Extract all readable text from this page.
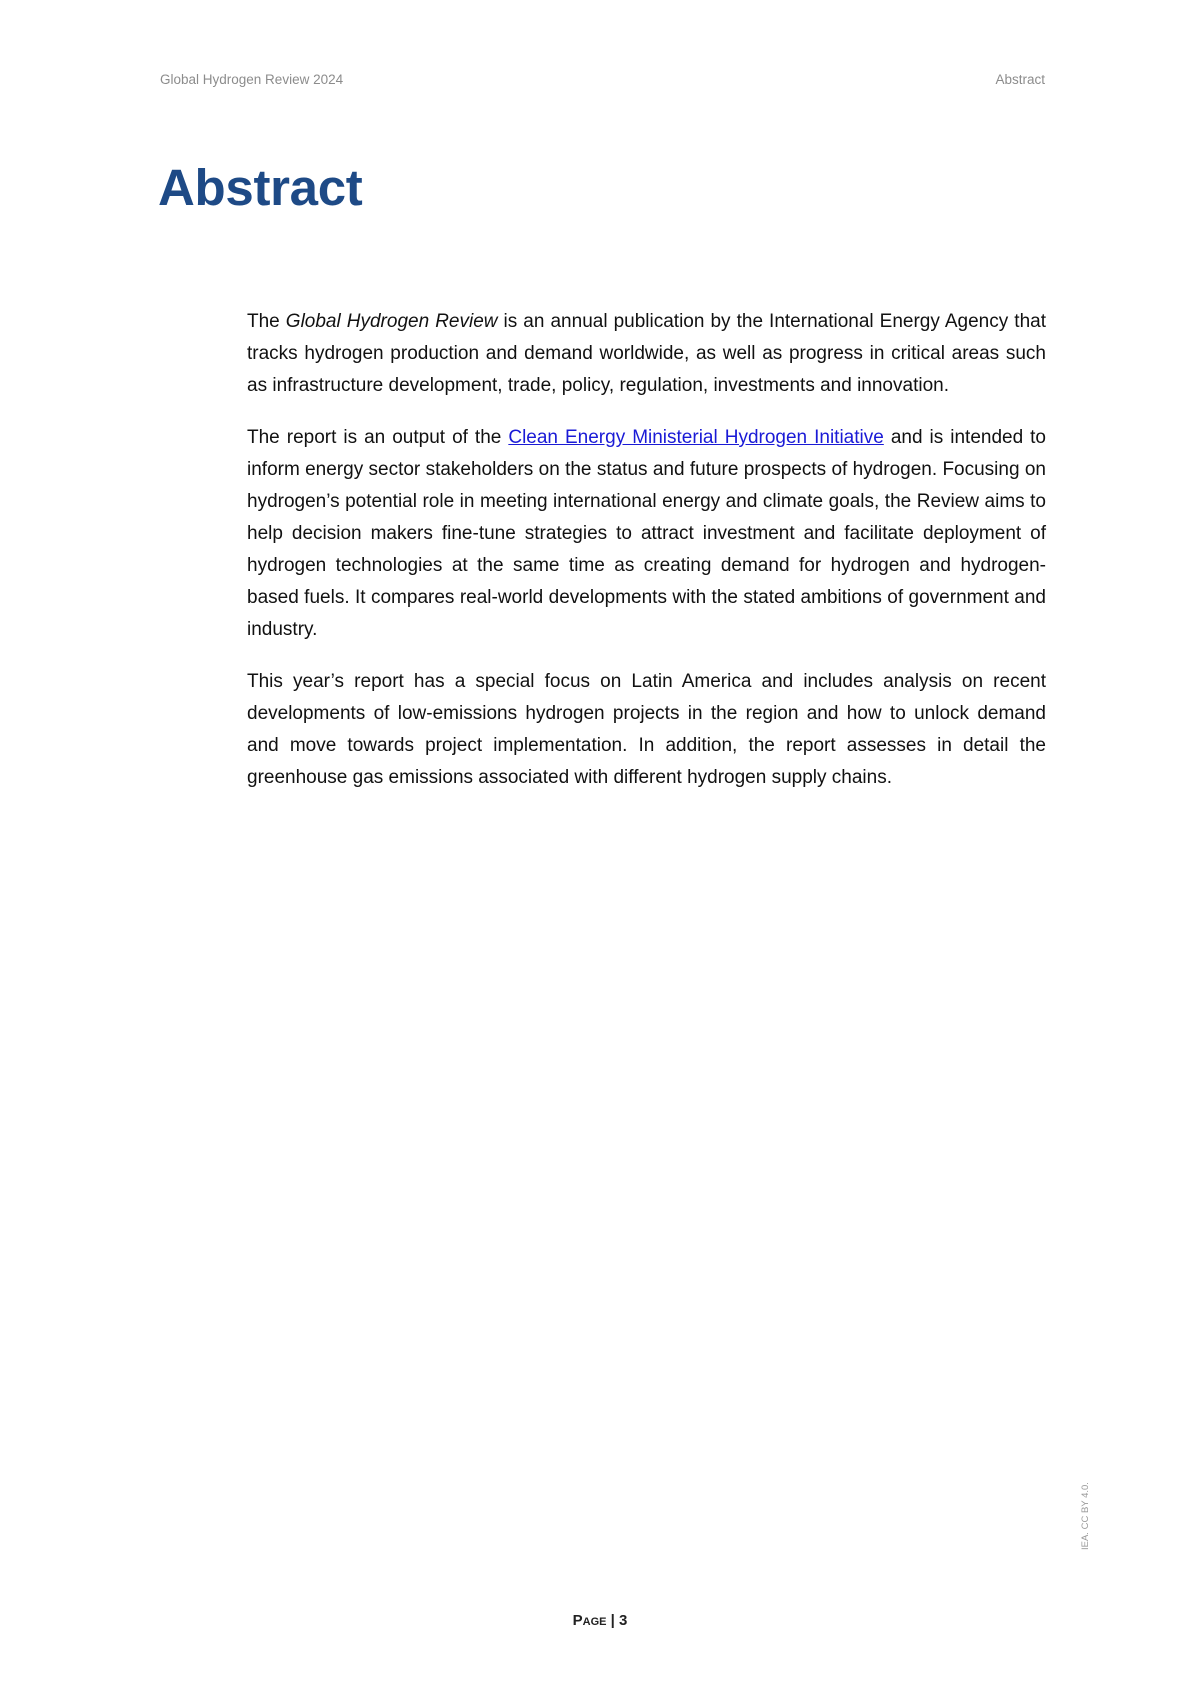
Global Hydrogen Review 2024	Abstract
Abstract

The Global Hydrogen Review is an annual publication by the International Energy Agency that tracks hydrogen production and demand worldwide, as well as progress in critical areas such as infrastructure development, trade, policy, regulation, investments and innovation.

The report is an output of the Clean Energy Ministerial Hydrogen Initiative and is intended to inform energy sector stakeholders on the status and future prospects of hydrogen. Focusing on hydrogen’s potential role in meeting international energy and climate goals, the Review aims to help decision makers fine-tune strategies to attract investment and facilitate deployment of hydrogen technologies at the same time as creating demand for hydrogen and hydrogen-based fuels. It compares real-world developments with the stated ambitions of government and industry.

This year’s report has a special focus on Latin America and includes analysis on recent developments of low-emissions hydrogen projects in the region and how to unlock demand and move towards project implementation. In addition, the report assesses in detail the greenhouse gas emissions associated with different hydrogen supply chains.

Page | 3
IEA. CC BY 4.0.
